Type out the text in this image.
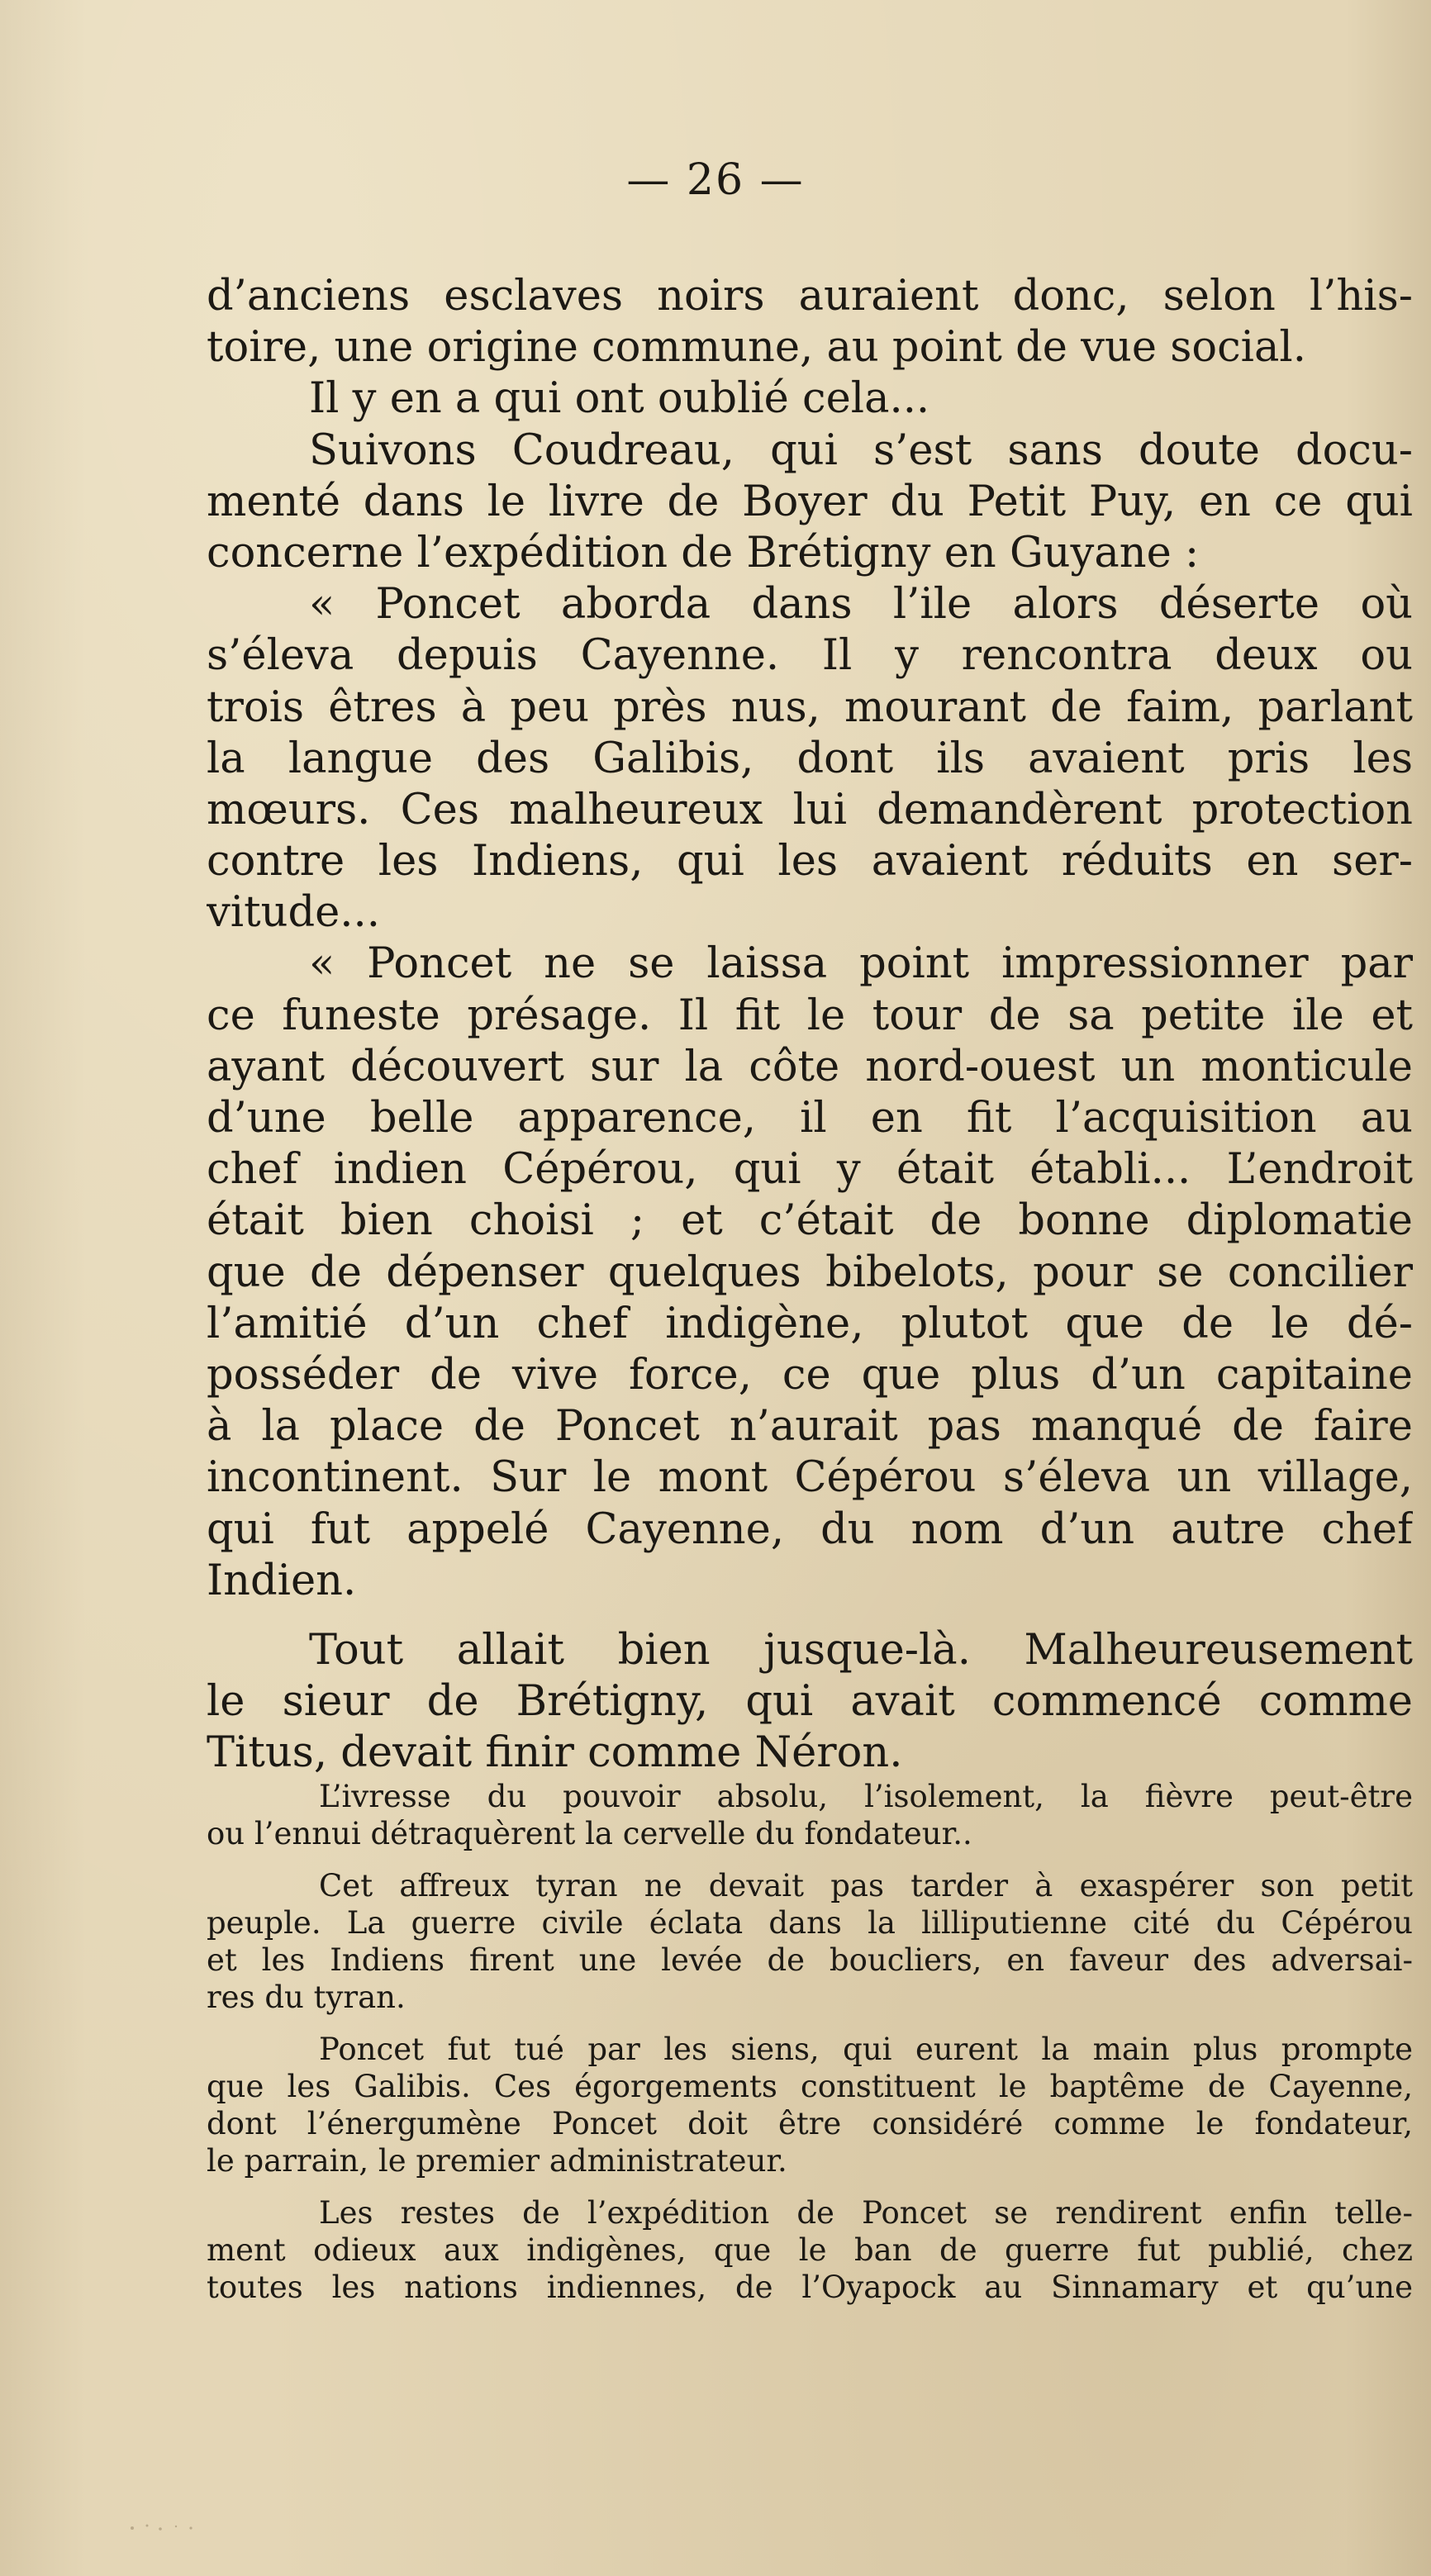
— 26 —
d’anciens esclaves noirs auraient donc, selon l’his-
toire, une origine commune, au point de vue social.
Il y en a qui ont oublié cela...
Suivons Coudreau, qui s’est sans doute docu-
menté dans le livre de Boyer du Petit Puy, en ce qui
concerne l’expédition de Brétigny en Guyane :
« Poncet aborda dans l’ile alors déserte où
s’éleva depuis Cayenne. Il y rencontra deux ou
trois êtres à peu près nus, mourant de faim, parlant
la langue des Galibis, dont ils avaient pris les
mœurs. Ces malheureux lui demandèrent protection
contre les Indiens, qui les avaient réduits en ser-
vitude...
« Poncet ne se laissa point impressionner par
ce funeste présage. Il fit le tour de sa petite ile et
ayant découvert sur la côte nord-ouest un monticule
d’une belle apparence, il en fit l’acquisition au
chef indien Cépérou, qui y était établi... L’endroit
était bien choisi ; et c’était de bonne diplomatie
que de dépenser quelques bibelots, pour se concilier
l’amitié d’un chef indigène, plutot que de le dé-
posséder de vive force, ce que plus d’un capitaine
à la place de Poncet n’aurait pas manqué de faire
incontinent. Sur le mont Cépérou s’éleva un village,
qui fut appelé Cayenne, du nom d’un autre chef
Indien.
Tout allait bien jusque-là. Malheureusement
le sieur de Brétigny, qui avait commencé comme
Titus, devait finir comme Néron.
L’ivresse du pouvoir absolu, l’isolement, la fièvre peut-être
ou l’ennui détraquèrent la cervelle du fondateur..
Cet affreux tyran ne devait pas tarder à exaspérer son petit
peuple. La guerre civile éclata dans la lilliputienne cité du Cépérou
et les Indiens firent une levée de boucliers, en faveur des adversai-
res du tyran.
Poncet fut tué par les siens, qui eurent la main plus prompte
que les Galibis. Ces égorgements constituent le baptême de Cayenne,
dont l’énergumène Poncet doit être considéré comme le fondateur,
le parrain, le premier administrateur.
Les restes de l’expédition de Poncet se rendirent enfin telle-
ment odieux aux indigènes, que le ban de guerre fut publié, chez
toutes les nations indiennes, de l’Oyapock au Sinnamary et qu’une
